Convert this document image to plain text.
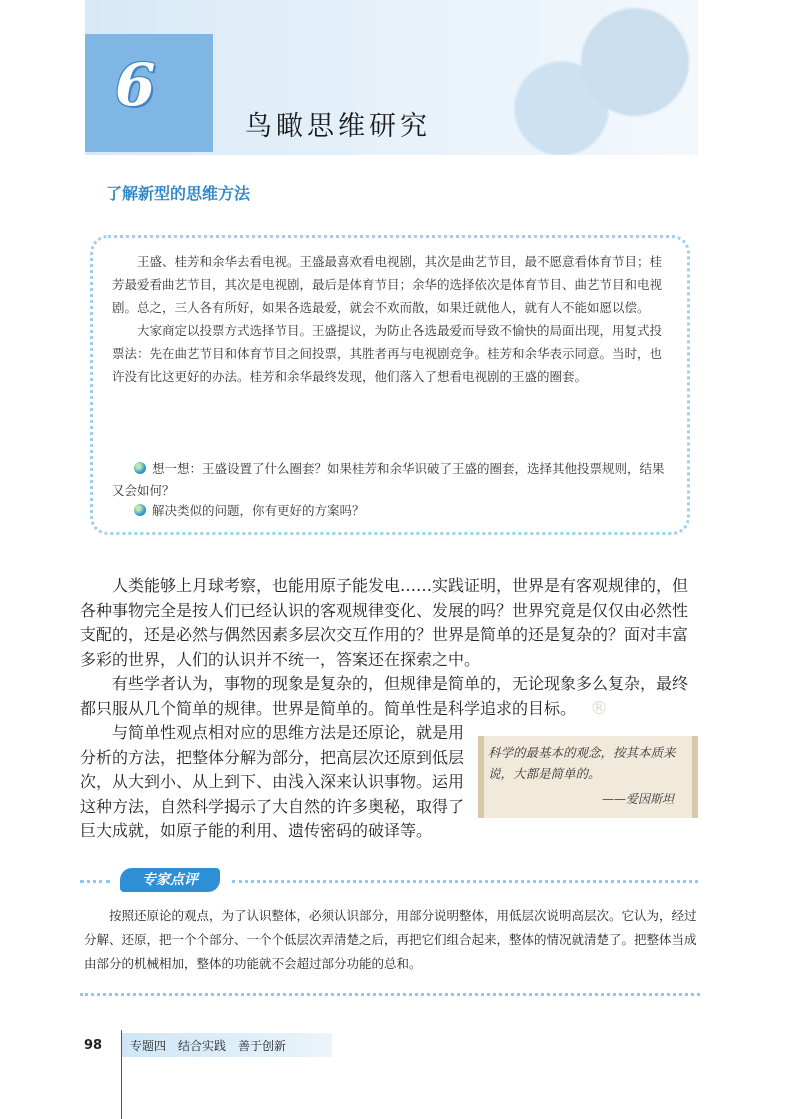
6
鸟瞰思维研究
了解新型的思维方法

王盛、桂芳和余华去看电视。王盛最喜欢看电视剧，其次是曲艺节目，最不愿意看体育节目；桂芳最爱看曲艺节目，其次是电视剧，最后是体育节目；余华的选择依次是体育节目、曲艺节目和电视剧。总之，三人各有所好，如果各选最爱，就会不欢而散，如果迁就他人，就有人不能如愿以偿。

大家商定以投票方式选择节目。王盛提议，为防止各选最爱而导致不愉快的局面出现，用复式投票法：先在曲艺节目和体育节目之间投票，其胜者再与电视剧竞争。桂芳和余华表示同意。当时，也许没有比这更好的办法。桂芳和余华最终发现，他们落入了想看电视剧的王盛的圈套。

想一想：王盛设置了什么圈套？如果桂芳和余华识破了王盛的圈套，选择其他投票规则，结果又会如何？
解决类似的问题，你有更好的方案吗？

人类能够上月球考察，也能用原子能发电……实践证明，世界是有客观规律的，但各种事物完全是按人们已经认识的客观规律变化、发展的吗？世界究竟是仅仅由必然性支配的，还是必然与偶然因素多层次交互作用的？世界是简单的还是复杂的？面对丰富多彩的世界，人们的认识并不统一，答案还在探索之中。

有些学者认为，事物的现象是复杂的，但规律是简单的，无论现象多么复杂，最终都只服从几个简单的规律。世界是简单的。简单性是科学追求的目标。

与简单性观点相对应的思维方法是还原论，就是用分析的方法，把整体分解为部分，把高层次还原到低层次，从大到小、从上到下、由浅入深来认识事物。运用这种方法，自然科学揭示了大自然的许多奥秘，取得了巨大成就，如原子能的利用、遗传密码的破译等。

®
科学的最基本的观念，按其本质来说，大都是简单的。
——爱因斯坦
专家点评
按照还原论的观点，为了认识整体，必须认识部分，用部分说明整体，用低层次说明高层次。它认为，经过分解、还原，把一个个部分、一个个低层次弄清楚之后，再把它们组合起来，整体的情况就清楚了。把整体当成由部分的机械相加，整体的功能就不会超过部分功能的总和。
98 专题四　结合实践　善于创新
